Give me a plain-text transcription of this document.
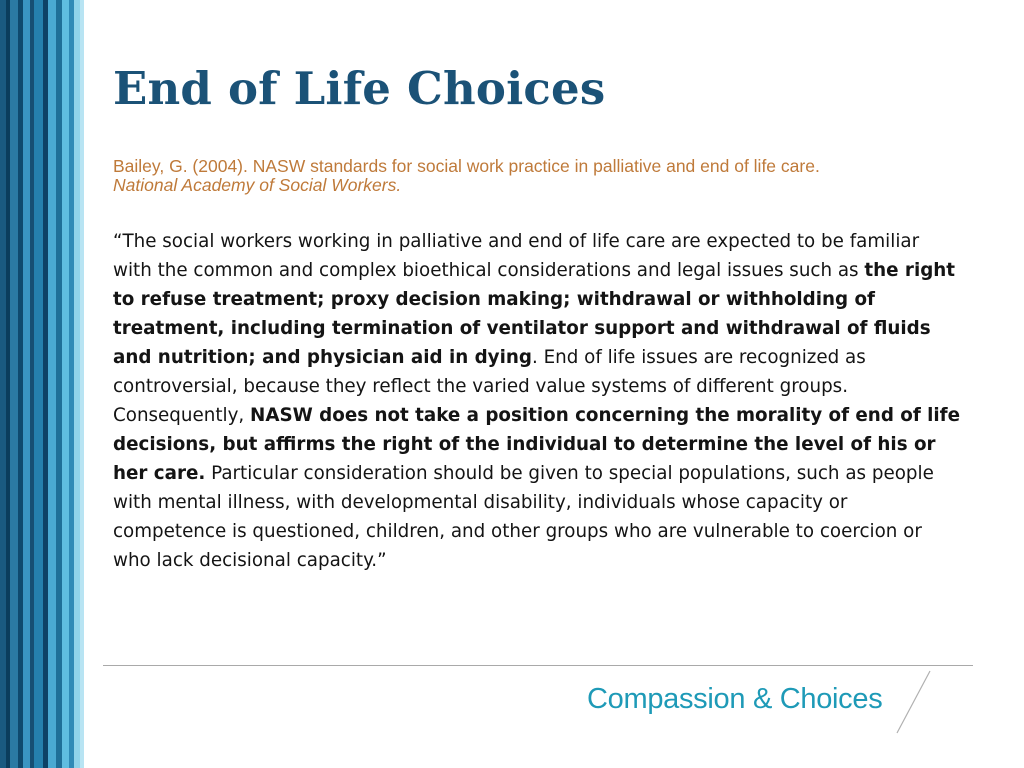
End of Life Choices
Bailey, G. (2004). NASW standards for social work practice in palliative and end of life care.
National Academy of Social Workers.

“The social workers working in palliative and end of life care are expected to be familiar with the common and complex bioethical considerations and legal issues such as the right to refuse treatment; proxy decision making; withdrawal or withholding of treatment, including termination of ventilator support and withdrawal of fluids and nutrition; and physician aid in dying. End of life issues are recognized as controversial, because they reflect the varied value systems of different groups. Consequently, NASW does not take a position concerning the morality of end of life decisions, but affirms the right of the individual to determine the level of his or her care. Particular consideration should be given to special populations, such as people with mental illness, with developmental disability, individuals whose capacity or competence is questioned, children, and other groups who are vulnerable to coercion or who lack decisional capacity.”

Compassion & Choices
